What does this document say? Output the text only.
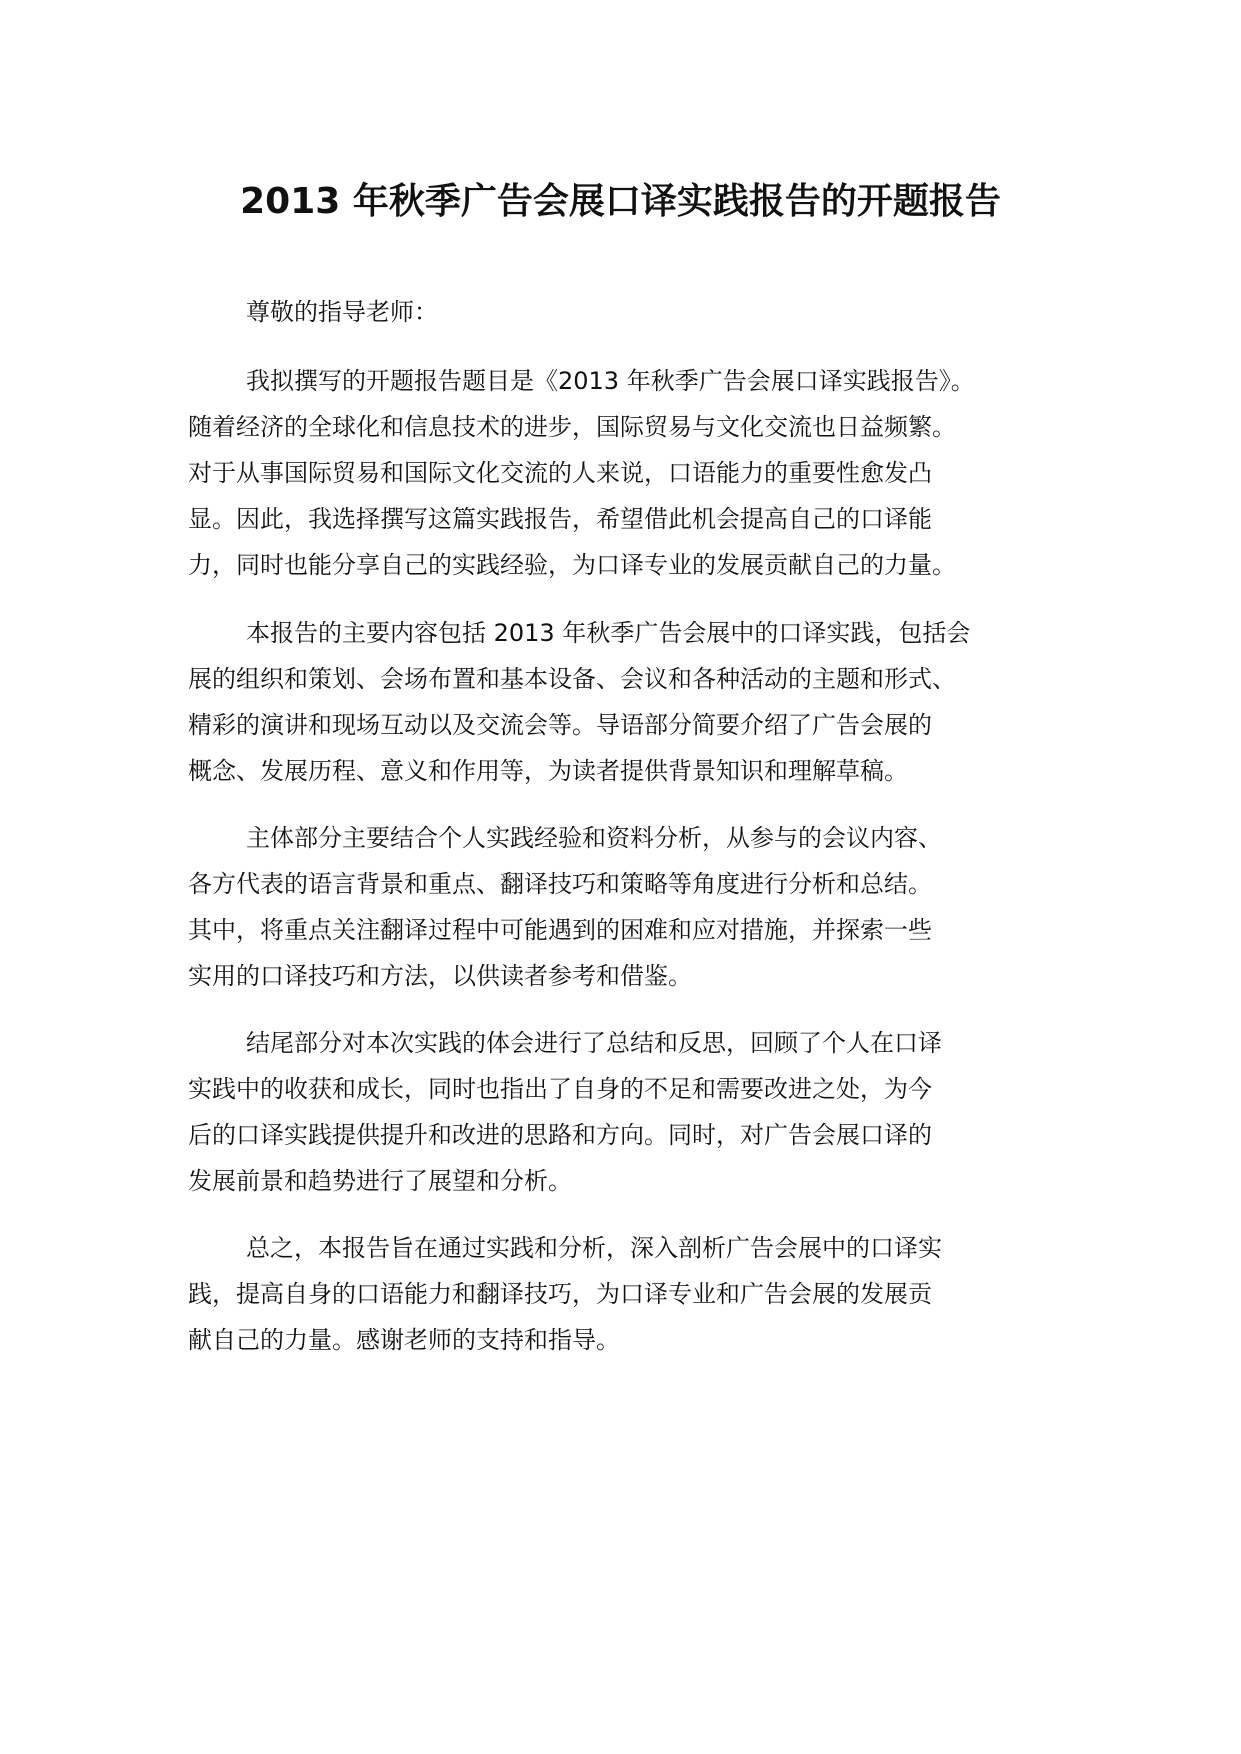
2013 年秋季广告会展口译实践报告的开题报告
尊敬的指导老师：
我拟撰写的开题报告题目是《2013 年秋季广告会展口译实践报告》。
随着经济的全球化和信息技术的进步，国际贸易与文化交流也日益频繁。
对于从事国际贸易和国际文化交流的人来说，口语能力的重要性愈发凸
显。因此，我选择撰写这篇实践报告，希望借此机会提高自己的口译能
力，同时也能分享自己的实践经验，为口译专业的发展贡献自己的力量。
本报告的主要内容包括 2013 年秋季广告会展中的口译实践，包括会
展的组织和策划、会场布置和基本设备、会议和各种活动的主题和形式、
精彩的演讲和现场互动以及交流会等。导语部分简要介绍了广告会展的
概念、发展历程、意义和作用等，为读者提供背景知识和理解草稿。
主体部分主要结合个人实践经验和资料分析，从参与的会议内容、
各方代表的语言背景和重点、翻译技巧和策略等角度进行分析和总结。
其中，将重点关注翻译过程中可能遇到的困难和应对措施，并探索一些
实用的口译技巧和方法，以供读者参考和借鉴。
结尾部分对本次实践的体会进行了总结和反思，回顾了个人在口译
实践中的收获和成长，同时也指出了自身的不足和需要改进之处，为今
后的口译实践提供提升和改进的思路和方向。同时，对广告会展口译的
发展前景和趋势进行了展望和分析。
总之，本报告旨在通过实践和分析，深入剖析广告会展中的口译实
践，提高自身的口语能力和翻译技巧，为口译专业和广告会展的发展贡
献自己的力量。感谢老师的支持和指导。
